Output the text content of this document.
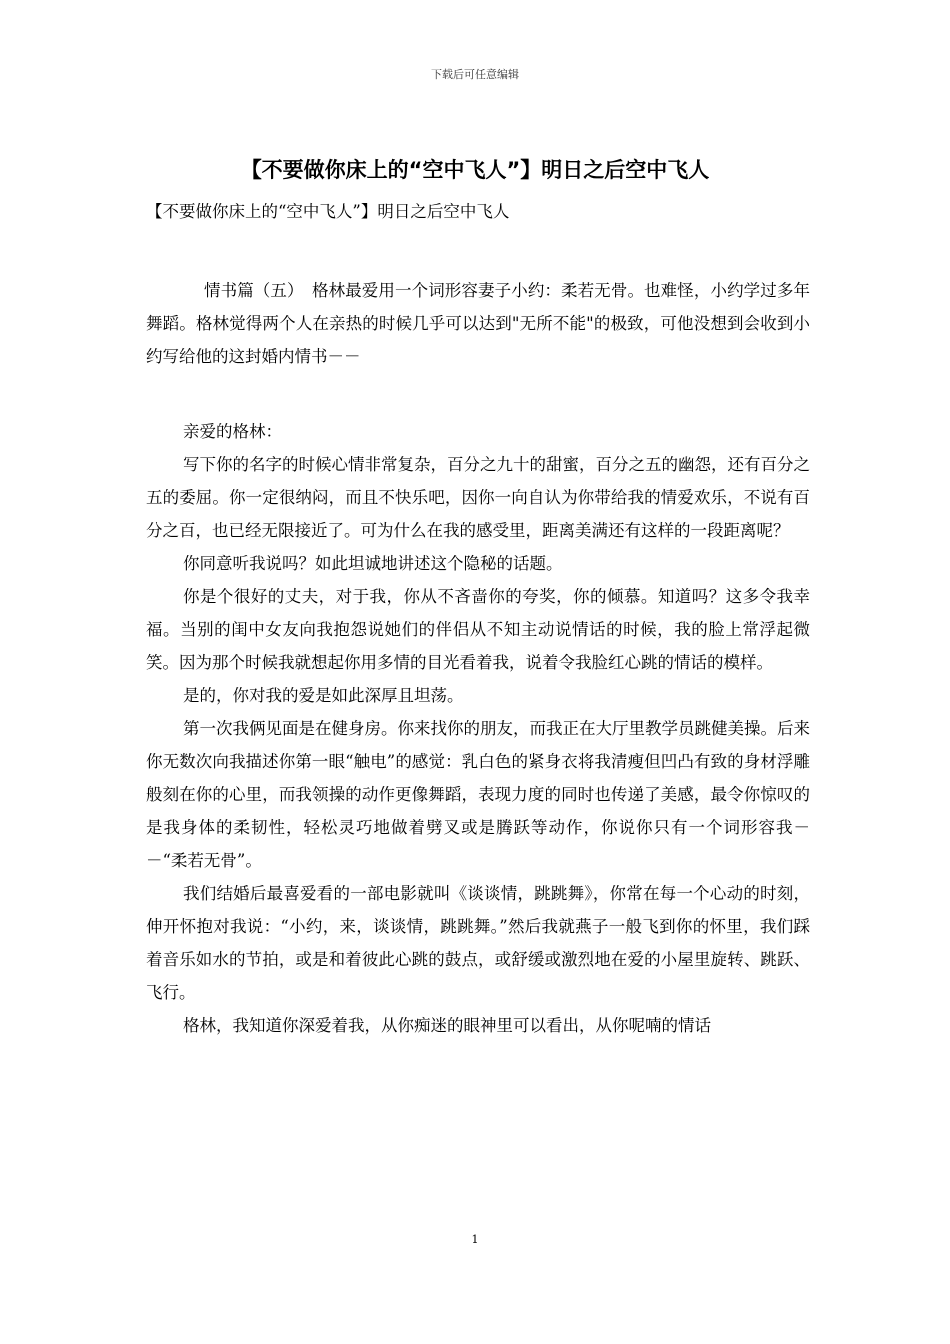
下载后可任意编辑
【不要做你床上的“空中飞人”】明日之后空中飞人
【不要做你床上的“空中飞人”】明日之后空中飞人

情书篇（五）　格林最爱用一个词形容妻子小约：柔若无骨。也难怪，小约学过多年舞蹈。格林觉得两个人在亲热的时候几乎可以达到"无所不能"的极致，可他没想到会收到小约写给他的这封婚内情书－－

亲爱的格林：

写下你的名字的时候心情非常复杂，百分之九十的甜蜜，百分之五的幽怨，还有百分之五的委屈。你一定很纳闷，而且不快乐吧，因你一向自认为你带给我的情爱欢乐，不说有百分之百，也已经无限接近了。可为什么在我的感受里，距离美满还有这样的一段距离呢？

你同意听我说吗？如此坦诚地讲述这个隐秘的话题。

你是个很好的丈夫，对于我，你从不吝啬你的夸奖，你的倾慕。知道吗？这多令我幸福。当别的闺中女友向我抱怨说她们的伴侣从不知主动说情话的时候，我的脸上常浮起微笑。因为那个时候我就想起你用多情的目光看着我，说着令我脸红心跳的情话的模样。

是的，你对我的爱是如此深厚且坦荡。

第一次我俩见面是在健身房。你来找你的朋友，而我正在大厅里教学员跳健美操。后来你无数次向我描述你第一眼“触电”的感觉：乳白色的紧身衣将我清瘦但凹凸有致的身材浮雕般刻在你的心里，而我领操的动作更像舞蹈，表现力度的同时也传递了美感，最令你惊叹的是我身体的柔韧性，轻松灵巧地做着劈叉或是腾跃等动作，你说你只有一个词形容我－－“柔若无骨”。

我们结婚后最喜爱看的一部电影就叫《谈谈情，跳跳舞》，你常在每一个心动的时刻，伸开怀抱对我说：“小约，来，谈谈情，跳跳舞。”然后我就燕子一般飞到你的怀里，我们踩着音乐如水的节拍，或是和着彼此心跳的鼓点，或舒缓或激烈地在爱的小屋里旋转、跳跃、飞行。

格林，我知道你深爱着我，从你痴迷的眼神里可以看出，从你呢喃的情话

1
